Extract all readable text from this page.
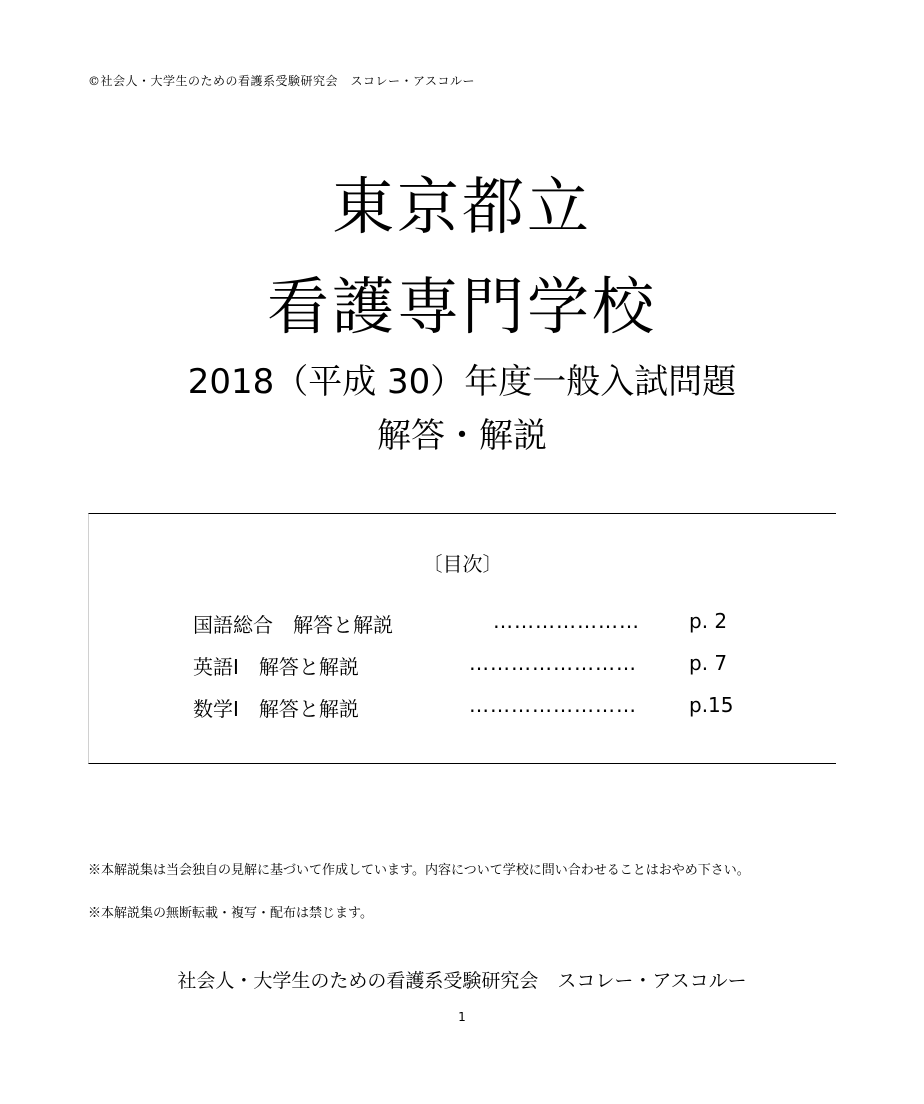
©社会人・大学生のための看護系受験研究会　スコレー・アスコルー
東京都立
看護専門学校
2018（平成 30）年度一般入試問題
解答・解説
〔目次〕
国語総合　解答と解説	………………… p. 2
英語Ⅰ　解答と解説	……………………	p. 7
数学Ⅰ　解答と解説	……………………	p.15
※本解説集は当会独自の見解に基づいて作成しています。内容について学校に問い合わせることはおやめ下さい。
※本解説集の無断転載・複写・配布は禁じます。
社会人・大学生のための看護系受験研究会　スコレー・アスコルー
1
